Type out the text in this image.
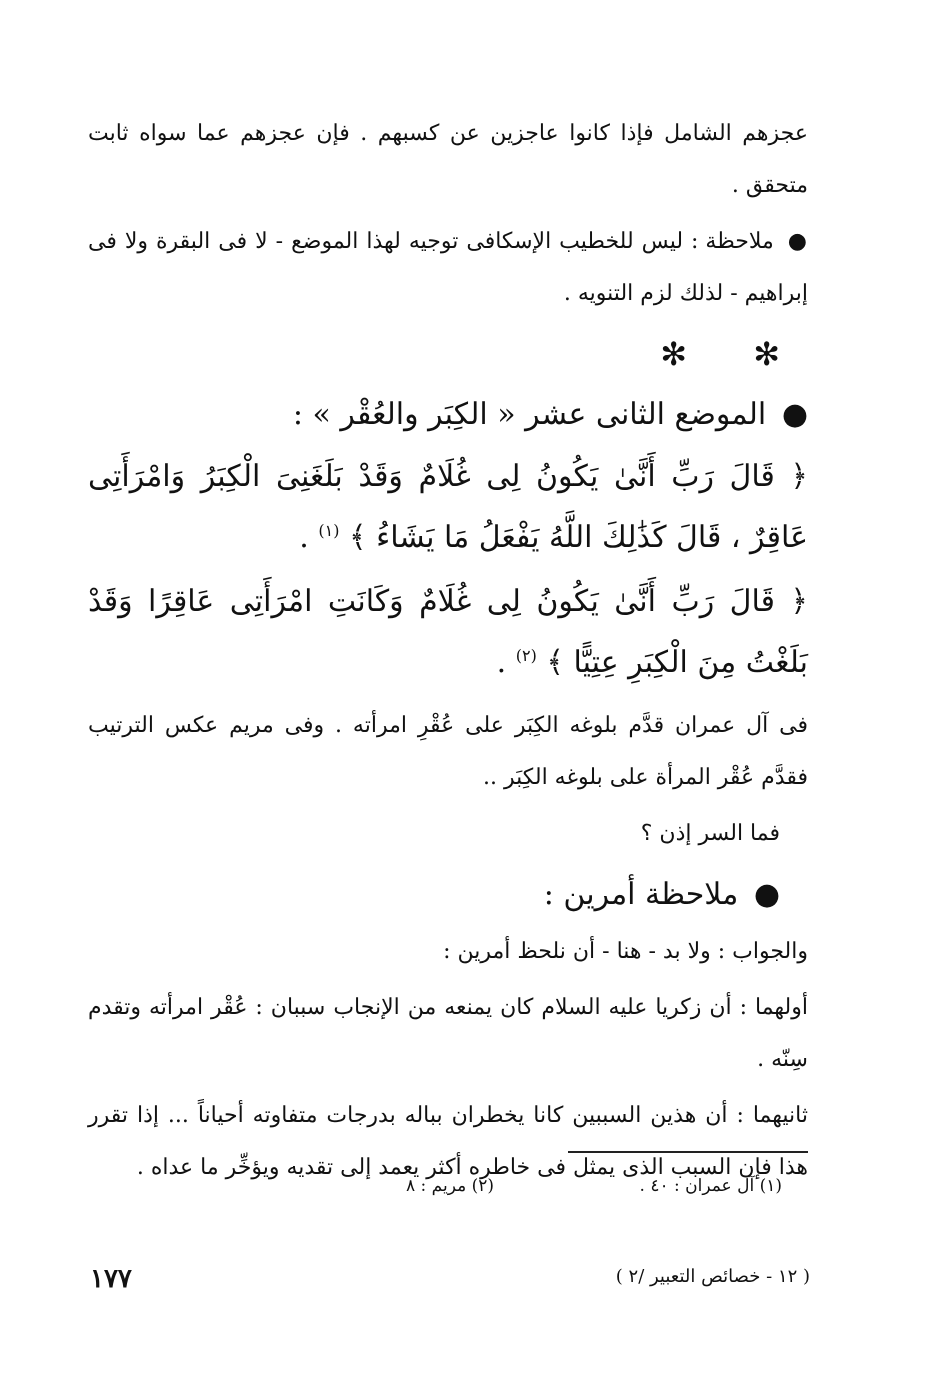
عجزهم الشامل فإذا كانوا عاجزين عن كسبهم . فإن عجزهم عما سواه ثابت متحقق .

● ملاحظة : ليس للخطيب الإسكافى توجيه لهذا الموضع - لا فى البقرة ولا فى إبراهيم - لذلك لزم التنويه .

✻ ✻

● الموضع الثانى عشر « الكِبَر والعُقْر » :

﴿ قَالَ رَبِّ أَنَّىٰ يَكُونُ لِى غُلَامٌ وَقَدْ بَلَغَنِىَ الْكِبَرُ وَامْرَأَتِى عَاقِرٌ ، قَالَ كَذَٰلِكَ اللَّهُ يَفْعَلُ مَا يَشَاءُ ﴾ $^{(١)}$ .

﴿ قَالَ رَبِّ أَنَّىٰ يَكُونُ لِى غُلَامٌ وَكَانَتِ امْرَأَتِى عَاقِرًا وَقَدْ بَلَغْتُ مِنَ الْكِبَرِ عِتِيًّا ﴾ $^{(٢)}$ .

فى آل عمران قدَّم بلوغه الكِبَر على عُقْرِ امرأته . وفى مريم عكس الترتيب فقدَّم عُقْر المرأة على بلوغه الكِبَر ..

فما السر إذن ؟

● ملاحظة أمرين :

والجواب : ولا بد - هنا - أن نلحظ أمرين :

أولهما : أن زكريا عليه السلام كان يمنعه من الإنجاب سببان : عُقْر امرأته وتقدم سِنّه .

ثانيهما : أن هذين السببين كانا يخطران بباله بدرجات متفاوته أحياناً ... إذا تقرر هذا فإن السبب الذى يمثل فى خاطره أكثر يعمد إلى تقديه ويؤخِّر ما عداه .

(١) آل عمران : ٤٠ .
(٢) مريم : ٨
١٧٧	( ١٢ - خصائص التعبير /٢ )
